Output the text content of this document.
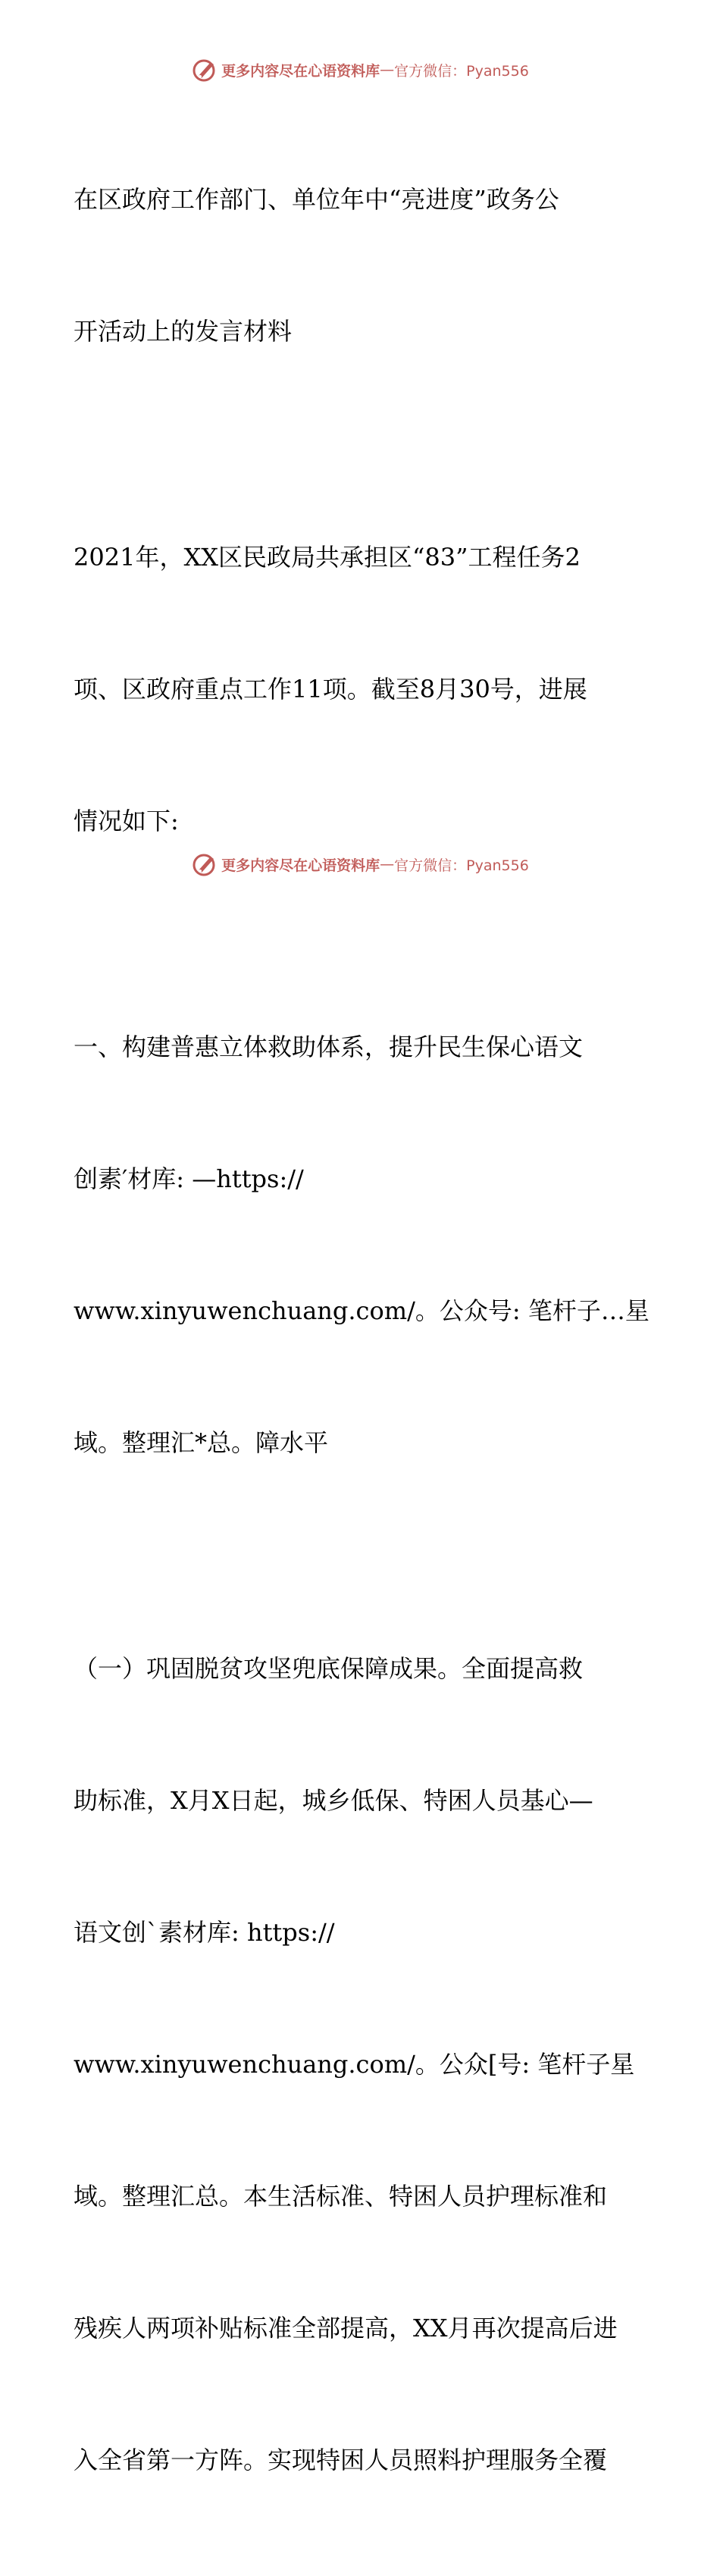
更多内容尽在心语资料库 — 官方微信：Pyan556

在区政府工作部门、单位年中“亮进度”政务公

开活动上的发言材料

2021年，XX区民政局共承担区“83”工程任务2

项、区政府重点工作11项。截至8月30号，进展

情况如下:

一、构建普惠立体救助体系，提升民生保心语文

创素′材库: —https://

www.xinyuwenchuang.com/。公众号: 笔杆子…星

域。整理汇*总。障水平

（一）巩固脱贫攻坚兜底保障成果。全面提高救

助标准，X月X日起，城乡低保、特困人员基心—

语文创`素材库: https://

www.xinyuwenchuang.com/。公众[号: 笔杆子星

域。整理汇总。本生活标准、特困人员护理标准和

残疾人两项补贴标准全部提高，XX月再次提高后进

入全省第一方阵。实现特困人员照料护理服务全覆

更多内容尽在心语资料库 — 官方微信：Pyan556
